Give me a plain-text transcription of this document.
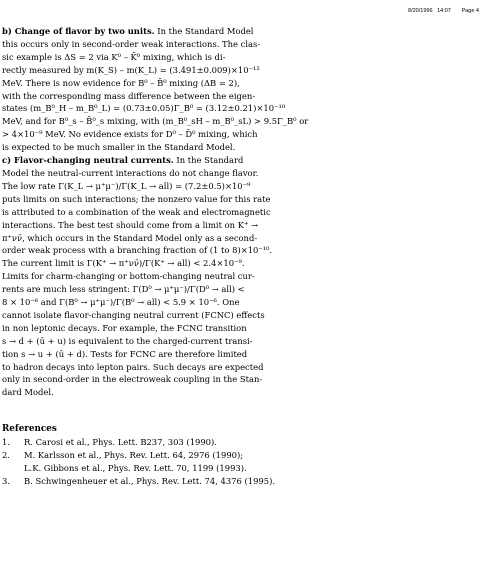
8/20/1996 14:07 Page 4

b) Change of flavor by two units. In the Standard Model
this occurs only in second-order weak interactions. The clas-
sic example is ΔS = 2 via K⁰ – K̄⁰ mixing, which is di-
rectly measured by m(K_S) – m(K_L) = (3.491±0.009)×10⁻¹²
MeV. There is now evidence for B⁰ – B̄⁰ mixing (ΔB = 2),
with the corresponding mass difference between the eigen-
states (m_B⁰_H – m_B⁰_L) = (0.73±0.05)Γ_B⁰ = (3.12±0.21)×10⁻¹⁰
MeV, and for B⁰_s – B̄⁰_s mixing, with (m_B⁰_sH – m_B⁰_sL) > 9.5Γ_B⁰ or
> 4×10⁻⁹ MeV. No evidence exists for D⁰ – D̄⁰ mixing, which
is expected to be much smaller in the Standard Model.
c) Flavor-changing neutral currents. In the Standard
Model the neutral-current interactions do not change flavor.
The low rate Γ(K_L → μ⁺μ⁻)/Γ(K_L → all) = (7.2±0.5)×10⁻⁹
puts limits on such interactions; the nonzero value for this rate
is attributed to a combination of the weak and electromagnetic
interactions. The best test should come from a limit on K⁺ →
π⁺νν̄, which occurs in the Standard Model only as a second-
order weak process with a branching fraction of (1 to 8)×10⁻¹⁰.
The current limit is Γ(K⁺ → π⁺νν̄)/Γ(K⁺ → all) < 2.4×10⁻⁹.
Limits for charm-changing or bottom-changing neutral cur-
rents are much less stringent: Γ(D⁰ → μ⁺μ⁻)/Γ(D⁰ → all) <
8 × 10⁻⁶ and Γ(B⁰ → μ⁺μ⁻)/Γ(B⁰ → all) < 5.9 × 10⁻⁶. One
cannot isolate flavor-changing neutral current (FCNC) effects
in non leptonic decays. For example, the FCNC transition
s → d + (ū + u) is equivalent to the charged-current transi-
tion s → u + (ū + d). Tests for FCNC are therefore limited
to hadron decays into lepton pairs. Such decays are expected
only in second-order in the electroweak coupling in the Stan-
dard Model.
References
1. R. Carosi et al., Phys. Lett. B237, 303 (1990).
2. M. Karlsson et al., Phys. Rev. Lett. 64, 2976 (1990);
L.K. Gibbons et al., Phys. Rev. Lett. 70, 1199 (1993).
3. B. Schwingenheuer et al., Phys. Rev. Lett. 74, 4376 (1995).
